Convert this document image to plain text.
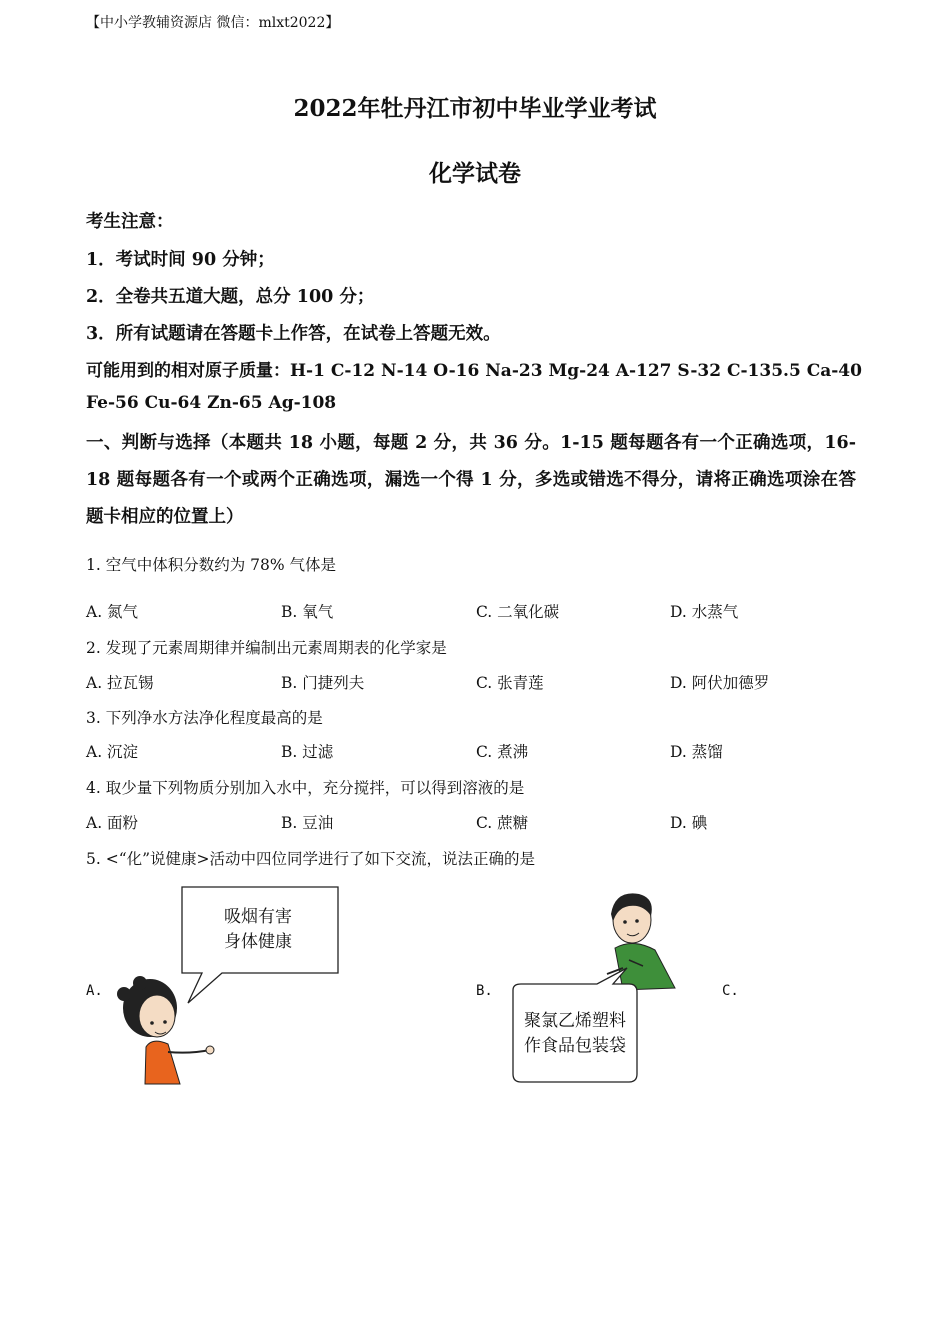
【中小学教辅资源店 微信：mlxt2022】
2022年牡丹江市初中毕业学业考试
化学试卷
考生注意：
1．考试时间 90 分钟；
2．全卷共五道大题，总分 100 分；
3．所有试题请在答题卡上作答，在试卷上答题无效。
可能用到的相对原子质量：H-1 C-12 N-14 O-16 Na-23 Mg-24 A-127 S-32 C-135.5 Ca-40
Fe-56 Cu-64 Zn-65 Ag-108
一、判断与选择（本题共 18 小题，每题 2 分，共 36 分。1-15 题每题各有一个正确选项，16-18 题每题各有一个或两个正确选项，漏选一个得 1 分，多选或错选不得分，请将正确选项涂在答题卡相应的位置上）
1. 空气中体积分数约为 78% 气体是
A. 氮气	B. 氧气	C. 二氧化碳	D. 水蒸气
2. 发现了元素周期律并编制出元素周期表的化学家是
A. 拉瓦锡	B. 门捷列夫	C. 张青莲	D. 阿伏加德罗
3. 下列净水方法净化程度最高的是
A. 沉淀	B. 过滤	C. 煮沸	D. 蒸馏
4. 取少量下列物质分别加入水中，充分搅拌，可以得到溶液的是
A. 面粉	B. 豆油	C. 蔗糖	D. 碘
5. <“化”说健康>活动中四位同学进行了如下交流，说法正确的是
A.	B.	C.
吸烟有害
身体健康
聚氯乙烯塑料
作食品包装袋
